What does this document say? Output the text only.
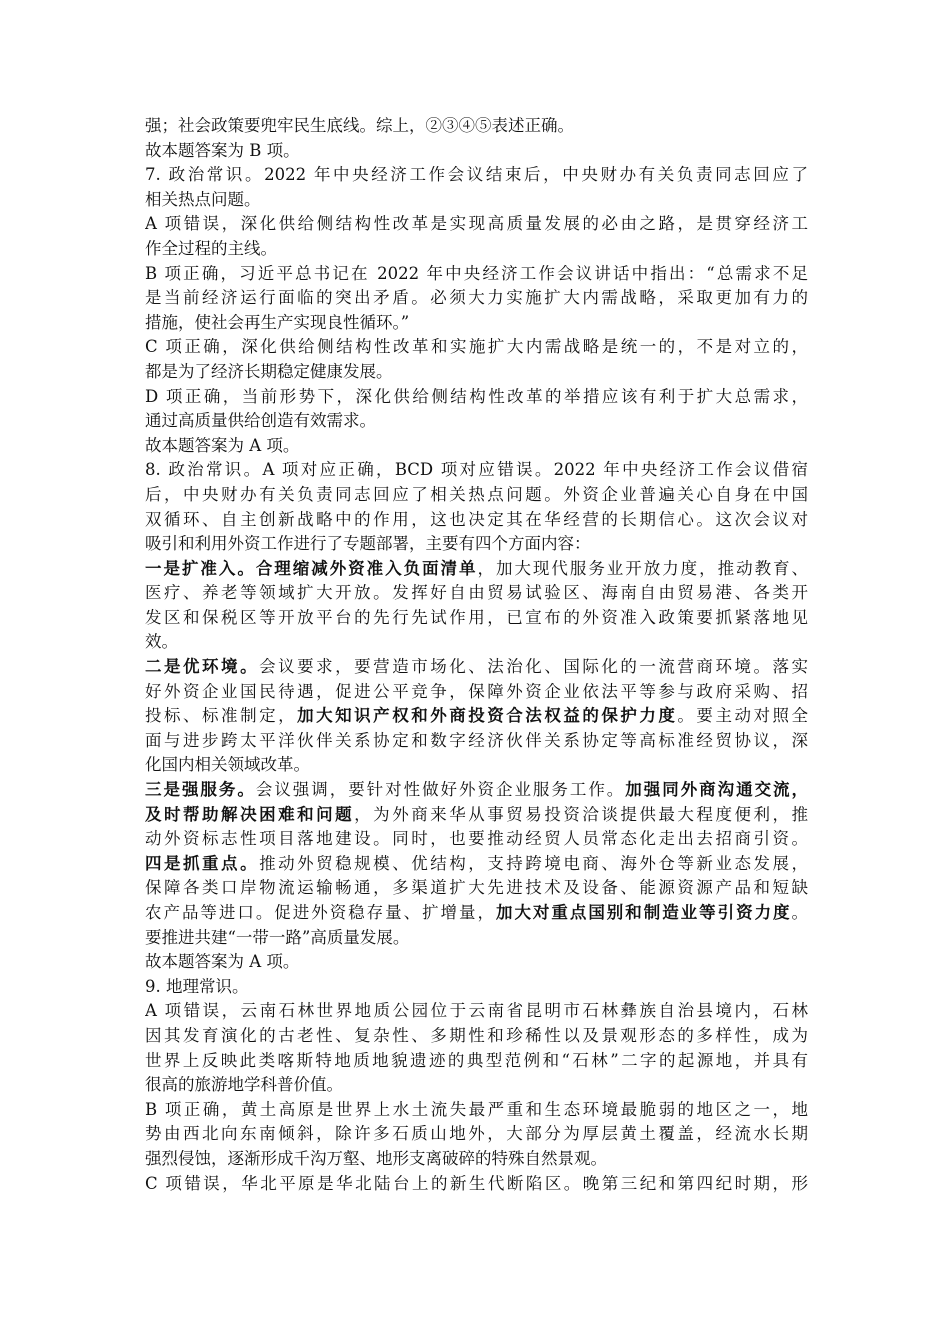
强；社会政策要兜牢民生底线。综上，②③④⑤表述正确。
故本题答案为 B 项。
7. 政治常识。2022 年中央经济工作会议结束后，中央财办有关负责同志回应了
相关热点问题。
A 项错误，深化供给侧结构性改革是实现高质量发展的必由之路，是贯穿经济工
作全过程的主线。
B 项正确，习近平总书记在 2022 年中央经济工作会议讲话中指出：“总需求不足
是当前经济运行面临的突出矛盾。必须大力实施扩大内需战略，采取更加有力的
措施，使社会再生产实现良性循环。”
C 项正确，深化供给侧结构性改革和实施扩大内需战略是统一的，不是对立的，
都是为了经济长期稳定健康发展。
D 项正确，当前形势下，深化供给侧结构性改革的举措应该有利于扩大总需求，
通过高质量供给创造有效需求。
故本题答案为 A 项。
8. 政治常识。A 项对应正确，BCD 项对应错误。2022 年中央经济工作会议借宿
后，中央财办有关负责同志回应了相关热点问题。外资企业普遍关心自身在中国
双循环、自主创新战略中的作用，这也决定其在华经营的长期信心。这次会议对
吸引和利用外资工作进行了专题部署，主要有四个方面内容：
一是扩准入。合理缩减外资准入负面清单，加大现代服务业开放力度，推动教育、
医疗、养老等领域扩大开放。发挥好自由贸易试验区、海南自由贸易港、各类开
发区和保税区等开放平台的先行先试作用，已宣布的外资准入政策要抓紧落地见
效。
二是优环境。会议要求，要营造市场化、法治化、国际化的一流营商环境。落实
好外资企业国民待遇，促进公平竞争，保障外资企业依法平等参与政府采购、招
投标、标准制定，加大知识产权和外商投资合法权益的保护力度。要主动对照全
面与进步跨太平洋伙伴关系协定和数字经济伙伴关系协定等高标准经贸协议，深
化国内相关领域改革。
三是强服务。会议强调，要针对性做好外资企业服务工作。加强同外商沟通交流，
及时帮助解决困难和问题，为外商来华从事贸易投资洽谈提供最大程度便利，推
动外资标志性项目落地建设。同时，也要推动经贸人员常态化走出去招商引资。
四是抓重点。推动外贸稳规模、优结构，支持跨境电商、海外仓等新业态发展，
保障各类口岸物流运输畅通，多渠道扩大先进技术及设备、能源资源产品和短缺
农产品等进口。促进外资稳存量、扩增量，加大对重点国别和制造业等引资力度。
要推进共建“一带一路”高质量发展。
故本题答案为 A 项。
9. 地理常识。
A 项错误，云南石林世界地质公园位于云南省昆明市石林彝族自治县境内，石林
因其发育演化的古老性、复杂性、多期性和珍稀性以及景观形态的多样性，成为
世界上反映此类喀斯特地质地貌遗迹的典型范例和“石林”二字的起源地，并具有
很高的旅游地学科普价值。
B 项正确，黄土高原是世界上水土流失最严重和生态环境最脆弱的地区之一，地
势由西北向东南倾斜，除许多石质山地外，大部分为厚层黄土覆盖，经流水长期
强烈侵蚀，逐渐形成千沟万壑、地形支离破碎的特殊自然景观。
C 项错误，华北平原是华北陆台上的新生代断陷区。晚第三纪和第四纪时期，形
